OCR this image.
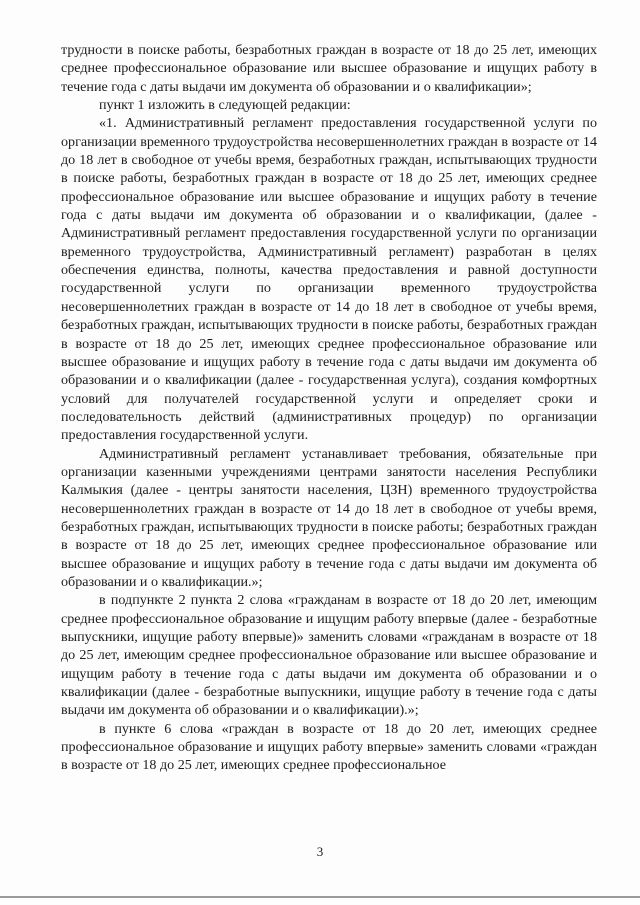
трудности в поиске работы, безработных граждан в возрасте от 18 до 25 лет, имеющих среднее профессиональное образование или высшее образование и ищущих работу в течение года с даты выдачи им документа об образовании и о квалификации»;

пункт 1 изложить в следующей редакции:

«1. Административный регламент предоставления государственной услуги по организации временного трудоустройства несовершеннолетних граждан в возрасте от 14 до 18 лет в свободное от учебы время, безработных граждан, испытывающих трудности в поиске работы, безработных граждан в возрасте от 18 до 25 лет, имеющих среднее профессиональное образование или высшее образование и ищущих работу в течение года с даты выдачи им документа об образовании и о квалификации, (далее - Административный регламент предоставления государственной услуги по организации временного трудоустройства, Административный регламент) разработан в целях обеспечения единства, полноты, качества предоставления и равной доступности государственной услуги по организации временного трудоустройства несовершеннолетних граждан в возрасте от 14 до 18 лет в свободное от учебы время, безработных граждан, испытывающих трудности в поиске работы, безработных граждан в возрасте от 18 до 25 лет, имеющих среднее профессиональное образование или высшее образование и ищущих работу в течение года с даты выдачи им документа об образовании и о квалификации (далее - государственная услуга), создания комфортных условий для получателей государственной услуги и определяет сроки и последовательность действий (административных процедур) по организации предоставления государственной услуги.

Административный регламент устанавливает требования, обязательные при организации казенными учреждениями центрами занятости населения Республики Калмыкия (далее - центры занятости населения, ЦЗН) временного трудоустройства несовершеннолетних граждан в возрасте от 14 до 18 лет в свободное от учебы время, безработных граждан, испытывающих трудности в поиске работы; безработных граждан в возрасте от 18 до 25 лет, имеющих среднее профессиональное образование или высшее образование и ищущих работу в течение года с даты выдачи им документа об образовании и о квалификации.»;

в подпункте 2 пункта 2 слова «гражданам в возрасте от 18 до 20 лет, имеющим среднее профессиональное образование и ищущим работу впервые (далее - безработные выпускники, ищущие работу впервые)» заменить словами «гражданам в возрасте от 18 до 25 лет, имеющим среднее профессиональное образование или высшее образование и ищущим работу в течение года с даты выдачи им документа об образовании и о квалификации (далее - безработные выпускники, ищущие работу в течение года с даты выдачи им документа об образовании и о квалификации).»;

в пункте 6 слова «граждан в возрасте от 18 до 20 лет, имеющих среднее профессиональное образование и ищущих работу впервые» заменить словами «граждан в возрасте от 18 до 25 лет, имеющих среднее профессиональное

3
